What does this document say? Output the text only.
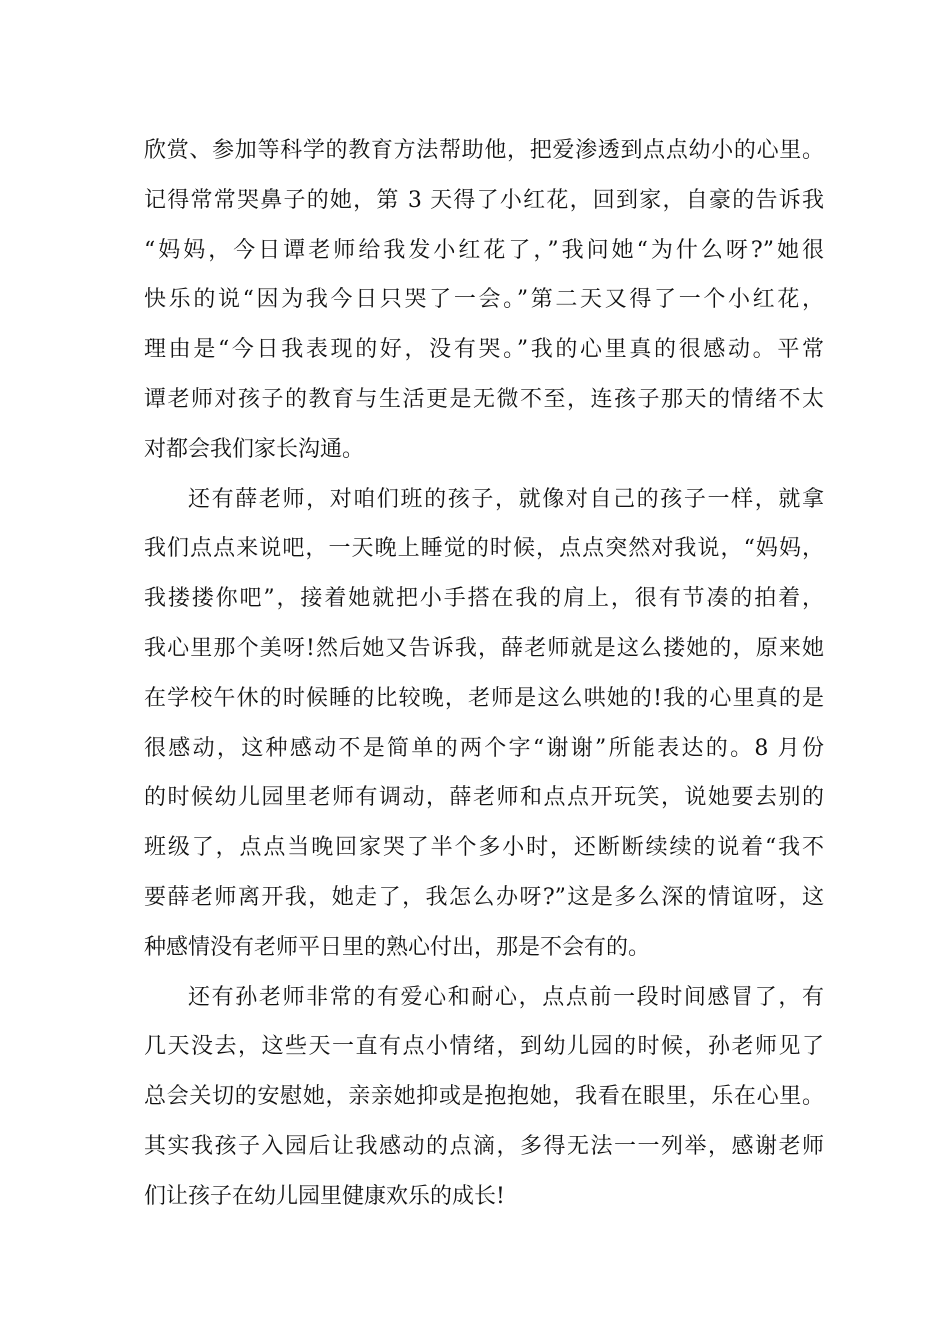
欣赏、参加等科学的教育方法帮助他，把爱渗透到点点幼小的心里。
记得常常哭鼻子的她，第 3 天得了小红花，回到家，自豪的告诉我
“妈妈，今日谭老师给我发小红花了，”我问她“为什么呀?”她很
快乐的说“因为我今日只哭了一会。”第二天又得了一个小红花，
理由是“今日我表现的好，没有哭。”我的心里真的很感动。平常
谭老师对孩子的教育与生活更是无微不至，连孩子那天的情绪不太
对都会我们家长沟通。
还有薛老师，对咱们班的孩子，就像对自己的孩子一样，就拿
我们点点来说吧，一天晚上睡觉的时候，点点突然对我说，“妈妈，
我搂搂你吧”，接着她就把小手搭在我的肩上，很有节凑的拍着，
我心里那个美呀!然后她又告诉我，薛老师就是这么搂她的，原来她
在学校午休的时候睡的比较晚，老师是这么哄她的!我的心里真的是
很感动，这种感动不是简单的两个字“谢谢”所能表达的。8 月份
的时候幼儿园里老师有调动，薛老师和点点开玩笑，说她要去别的
班级了，点点当晚回家哭了半个多小时，还断断续续的说着“我不
要薛老师离开我，她走了，我怎么办呀?”这是多么深的情谊呀，这
种感情没有老师平日里的熟心付出，那是不会有的。
还有孙老师非常的有爱心和耐心，点点前一段时间感冒了，有
几天没去，这些天一直有点小情绪，到幼儿园的时候，孙老师见了
总会关切的安慰她，亲亲她抑或是抱抱她，我看在眼里，乐在心里。
其实我孩子入园后让我感动的点滴，多得无法一一列举，感谢老师
们让孩子在幼儿园里健康欢乐的成长!
